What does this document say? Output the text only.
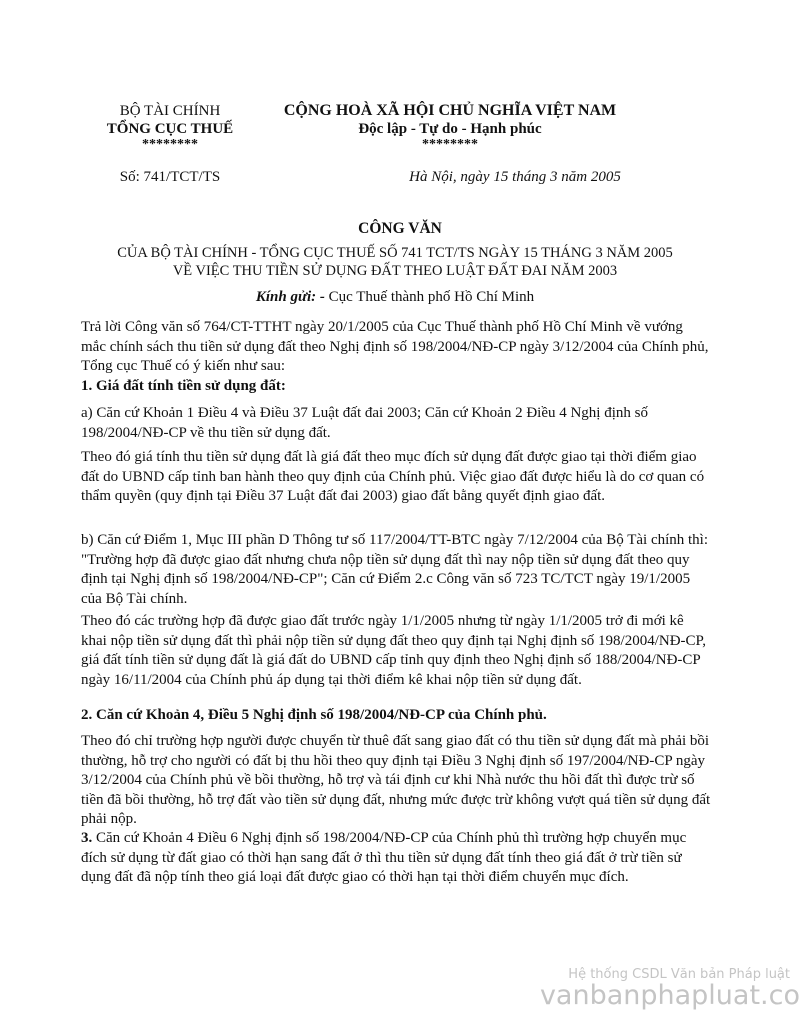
BỘ TÀI CHÍNH
TỔNG CỤC THUẾ
********
CỘNG HOÀ XÃ HỘI CHỦ NGHĨA VIỆT NAM
Độc lập - Tự do - Hạnh phúc
********
Số: 741/TCT/TS	Hà Nội, ngày 15 tháng 3 năm 2005
CÔNG VĂN
CỦA BỘ TÀI CHÍNH - TỔNG CỤC THUẾ SỐ 741 TCT/TS NGÀY 15 THÁNG 3 NĂM 2005
VỀ VIỆC THU TIỀN SỬ DỤNG ĐẤT THEO LUẬT ĐẤT ĐAI NĂM 2003
Kính gửi: - Cục Thuế thành phố Hồ Chí Minh

Trả lời Công văn số 764/CT-TTHT ngày 20/1/2005 của Cục Thuế thành phố Hồ Chí Minh về vướng mắc chính sách thu tiền sử dụng đất theo Nghị định số 198/2004/NĐ-CP ngày 3/12/2004 của Chính phủ, Tổng cục Thuế có ý kiến như sau:

1. Giá đất tính tiền sử dụng đất:

a) Căn cứ Khoản 1 Điều 4 và Điều 37 Luật đất đai 2003; Căn cứ Khoản 2 Điều 4 Nghị định số 198/2004/NĐ-CP về thu tiền sử dụng đất.

Theo đó giá tính thu tiền sử dụng đất là giá đất theo mục đích sử dụng đất được giao tại thời điểm giao đất do UBND cấp tỉnh ban hành theo quy định của Chính phủ. Việc giao đất được hiểu là do cơ quan có thẩm quyền (quy định tại Điều 37 Luật đất đai 2003) giao đất bằng quyết định giao đất.

b) Căn cứ Điểm 1, Mục III phần D Thông tư số 117/2004/TT-BTC ngày 7/12/2004 của Bộ Tài chính thì: "Trường hợp đã được giao đất nhưng chưa nộp tiền sử dụng đất thì nay nộp tiền sử dụng đất theo quy định tại Nghị định số 198/2004/NĐ-CP"; Căn cứ Điểm 2.c Công văn số 723 TC/TCT ngày 19/1/2005 của Bộ Tài chính.

Theo đó các trường hợp đã được giao đất trước ngày 1/1/2005 nhưng từ ngày 1/1/2005 trở đi mới kê khai nộp tiền sử dụng đất thì phải nộp tiền sử dụng đất theo quy định tại Nghị định số 198/2004/NĐ-CP, giá đất tính tiền sử dụng đất là giá đất do UBND cấp tỉnh quy định theo Nghị định số 188/2004/NĐ-CP ngày 16/11/2004 của Chính phủ áp dụng tại thời điểm kê khai nộp tiền sử dụng đất.

2. Căn cứ Khoản 4, Điều 5 Nghị định số 198/2004/NĐ-CP của Chính phủ.

Theo đó chỉ trường hợp người được chuyển từ thuê đất sang giao đất có thu tiền sử dụng đất mà phải bồi thường, hỗ trợ cho người có đất bị thu hồi theo quy định tại Điều 3 Nghị định số 197/2004/NĐ-CP ngày 3/12/2004 của Chính phủ về bồi thường, hỗ trợ và tái định cư khi Nhà nước thu hồi đất thì được trừ số tiền đã bồi thường, hỗ trợ đất vào tiền sử dụng đất, nhưng mức được trừ không vượt quá tiền sử dụng đất phải nộp.

3. Căn cứ Khoản 4 Điều 6 Nghị định số 198/2004/NĐ-CP của Chính phủ thì trường hợp chuyển mục đích sử dụng từ đất giao có thời hạn sang đất ở thì thu tiền sử dụng đất tính theo giá đất ở trừ tiền sử dụng đất đã nộp tính theo giá loại đất được giao có thời hạn tại thời điểm chuyển mục đích.

Hệ thống CSDL Văn bản Pháp luật
vanbanphapluat.co
